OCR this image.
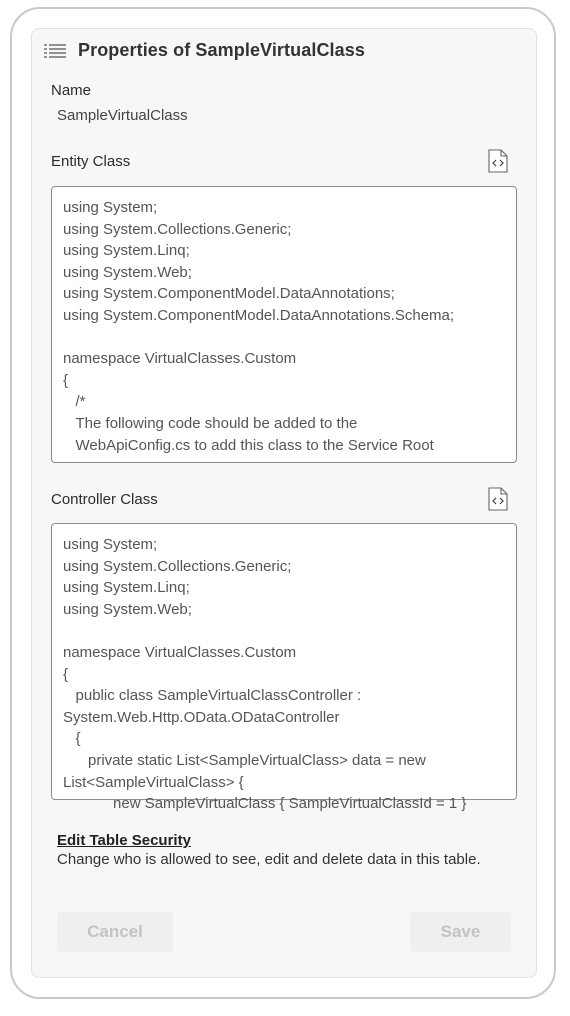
Properties of SampleVirtualClass
Name
SampleVirtualClass
Entity Class
using System;
using System.Collections.Generic;
using System.Linq;
using System.Web;
using System.ComponentModel.DataAnnotations;
using System.ComponentModel.DataAnnotations.Schema;

namespace VirtualClasses.Custom
{
/*
The following code should be added to the
WebApiConfig.cs to add this class to the Service Root
Controller Class
using System;
using System.Collections.Generic;
using System.Linq;
using System.Web;

namespace VirtualClasses.Custom
{
public class SampleVirtualClassController : System.Web.Http.OData.ODataController
{
private static List<SampleVirtualClass> data = new List<SampleVirtualClass> {
new SampleVirtualClass { SampleVirtualClassId = 1 }
Edit Table Security
Change who is allowed to see, edit and delete data in this table.
Cancel	Save
